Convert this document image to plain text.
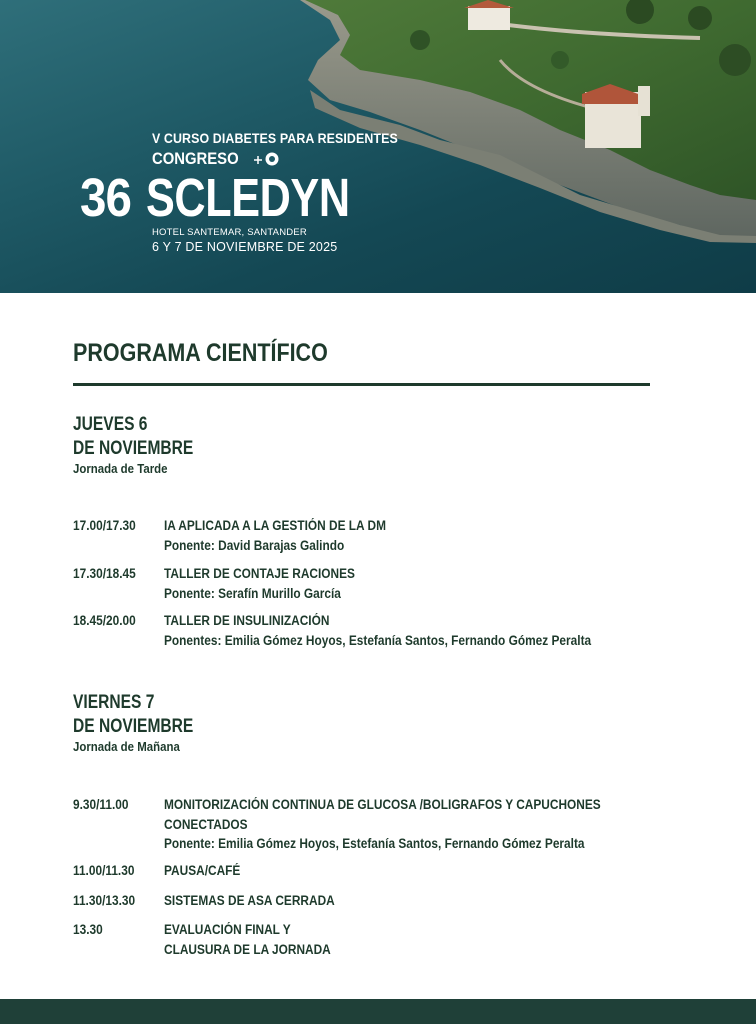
V CURSO DIABETES PARA RESIDENTES
CONGRESO
36 SCLEDYN
HOTEL SANTEMAR, SANTANDER
6 Y 7 DE NOVIEMBRE DE 2025
PROGRAMA CIENTÍFICO
JUEVES 6
DE NOVIEMBRE
Jornada de Tarde
17.00/17.30 IA APLICADA A LA GESTIÓN DE LA DM
Ponente: David Barajas Galindo
17.30/18.45 TALLER DE CONTAJE RACIONES
Ponente: Serafín Murillo García
18.45/20.00 TALLER DE INSULINIZACIÓN
Ponentes: Emilia Gómez Hoyos, Estefanía Santos, Fernando Gómez Peralta
VIERNES 7
DE NOVIEMBRE
Jornada de Mañana
9.30/11.00	MONITORIZACIÓN CONTINUA DE GLUCOSA /BOLIGRAFOS Y CAPUCHONES
CONECTADOS
Ponente: Emilia Gómez Hoyos, Estefanía Santos, Fernando Gómez Peralta
11.00/11.30 PAUSA/CAFÉ
11.30/13.30 SISTEMAS DE ASA CERRADA
13.30	EVALUACIÓN FINAL Y
CLAUSURA DE LA JORNADA
